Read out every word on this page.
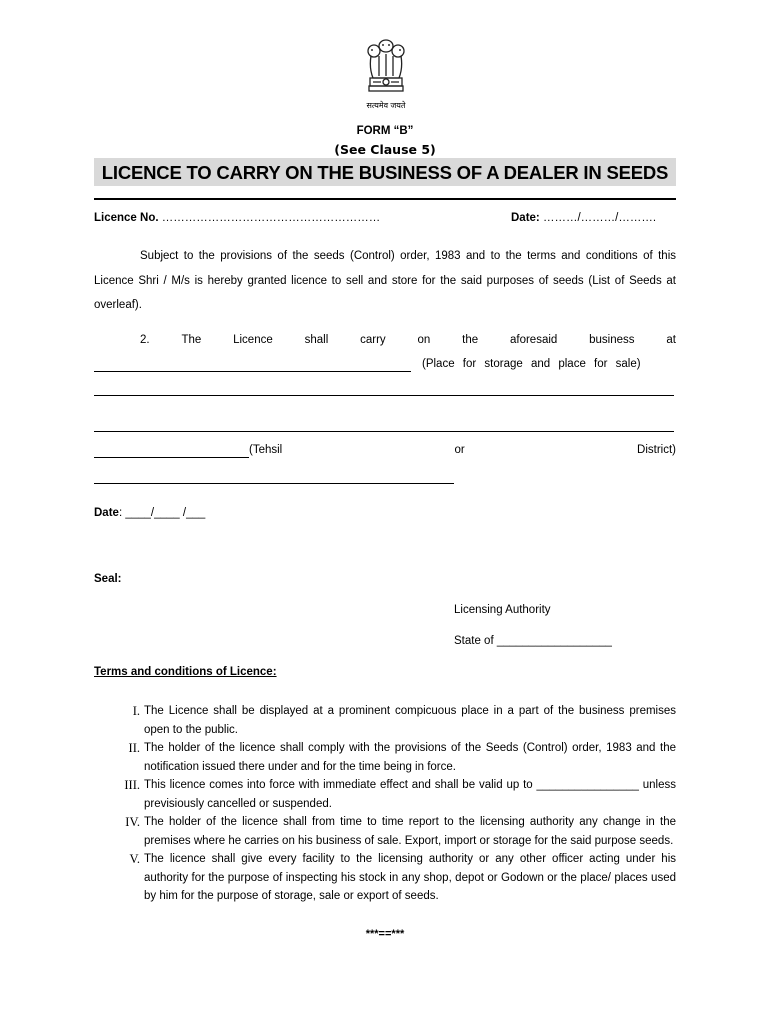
सत्यमेव जयते
FORM “B”
(See Clause 5)
LICENCE TO CARRY ON THE BUSINESS OF A DEALER IN SEEDS
Licence No. …………………………………………………	Date: ………/………/……….
Subject to the provisions of the seeds (Control) order, 1983 and to the terms and conditions of this Licence Shri / M/s is hereby granted licence to sell and store for the said purposes of seeds (List of Seeds at overleaf).
2.	The	Licence	shall	carry	on	the	aforesaid	business	at
(Place for storage and place for sale)
(Tehsil	or	District)
Date: ____/____ /___
Seal:
Licensing Authority
State of __________________
Terms and conditions of Licence:
I. The Licence shall be displayed at a prominent compicuous place in a part of the business premises open to the public.
II. The holder of the licence shall comply with the provisions of the Seeds (Control) order, 1983 and the notification issued there under and for the time being in force.
III. This licence comes into force with immediate effect and shall be valid up to ________________ unless previsiously cancelled or suspended.
IV. The holder of the licence shall from time to time report to the licensing authority any change in the premises where he carries on his business of sale. Export, import or storage for the said purpose seeds.
V. The licence shall give every facility to the licensing authority or any other officer acting under his authority for the purpose of inspecting his stock in any shop, depot or Godown or the place/ places used by him for the purpose of storage, sale or export of seeds.
***==***
